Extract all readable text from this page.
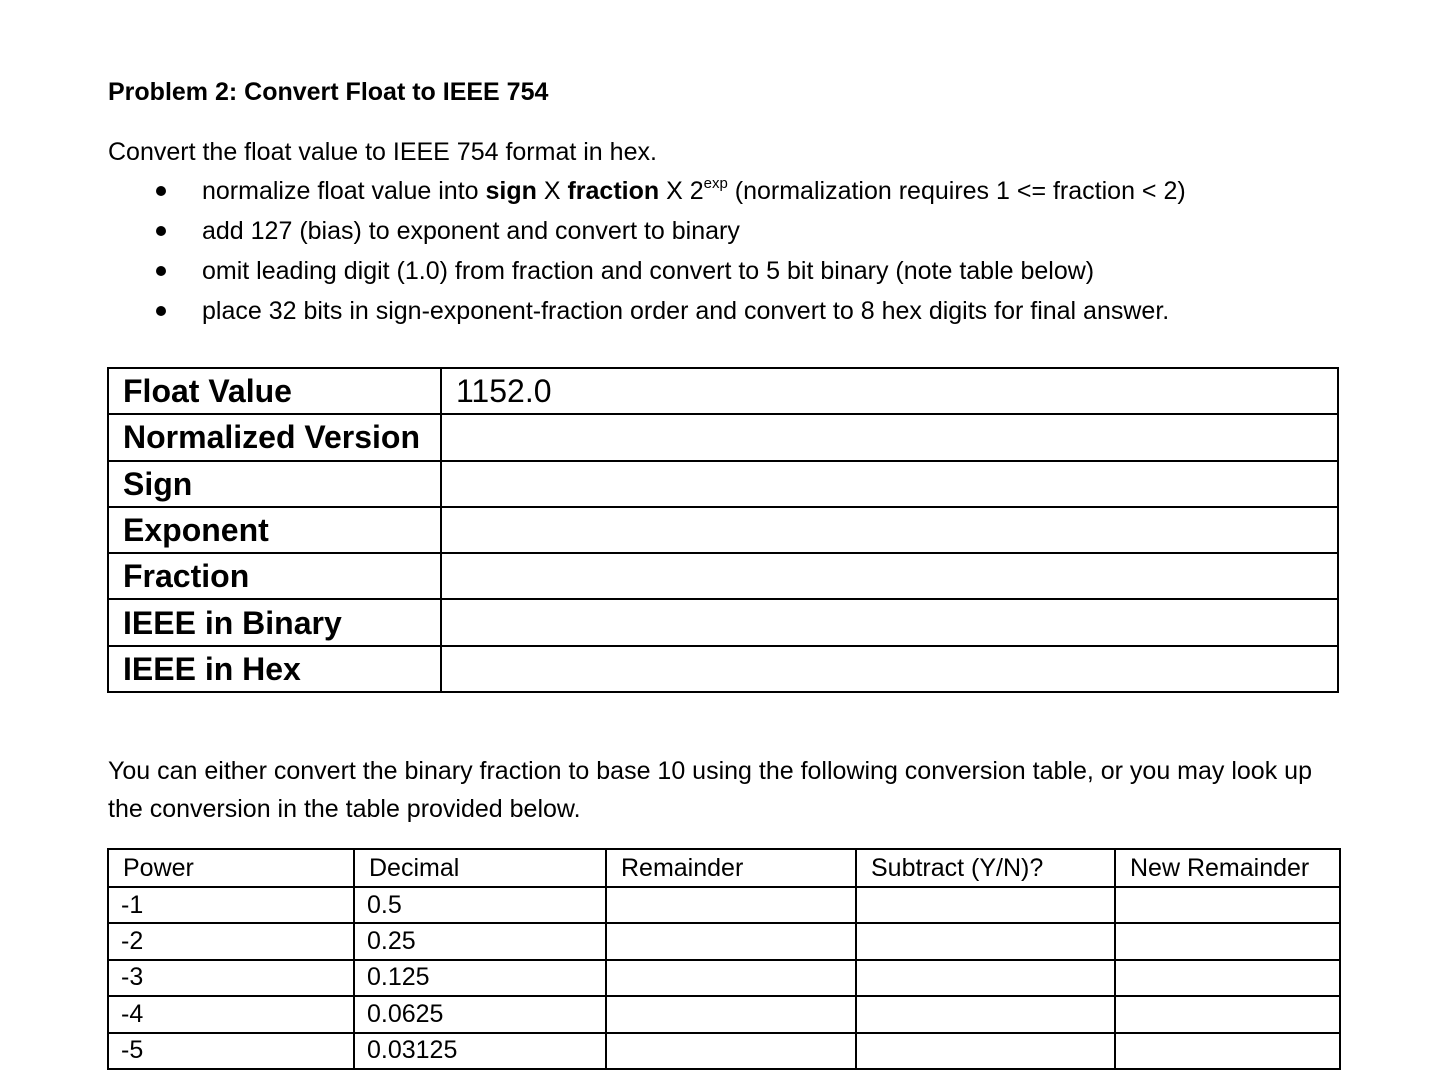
Problem 2: Convert Float to IEEE 754
Convert the float value to IEEE 754 format in hex.
normalize float value into sign X fraction X $2^{exp}$ (normalization requires 1 <= fraction < 2)
add 127 (bias) to exponent and convert to binary
omit leading digit (1.0) from fraction and convert to 5 bit binary (note table below)
place 32 bits in sign-exponent-fraction order and convert to 8 hex digits for final answer.
Float Value	1152.0
Normalized Version	
Sign	
Exponent	
Fraction	
IEEE in Binary	
IEEE in Hex	
You can either convert the binary fraction to base 10 using the following conversion table, or you may look up the conversion in the table provided below.
Power	Decimal	Remainder	Subtract (Y/N)?	New Remainder
-1	0.5			
-2	0.25			
-3	0.125			
-4	0.0625			
-5	0.03125			
